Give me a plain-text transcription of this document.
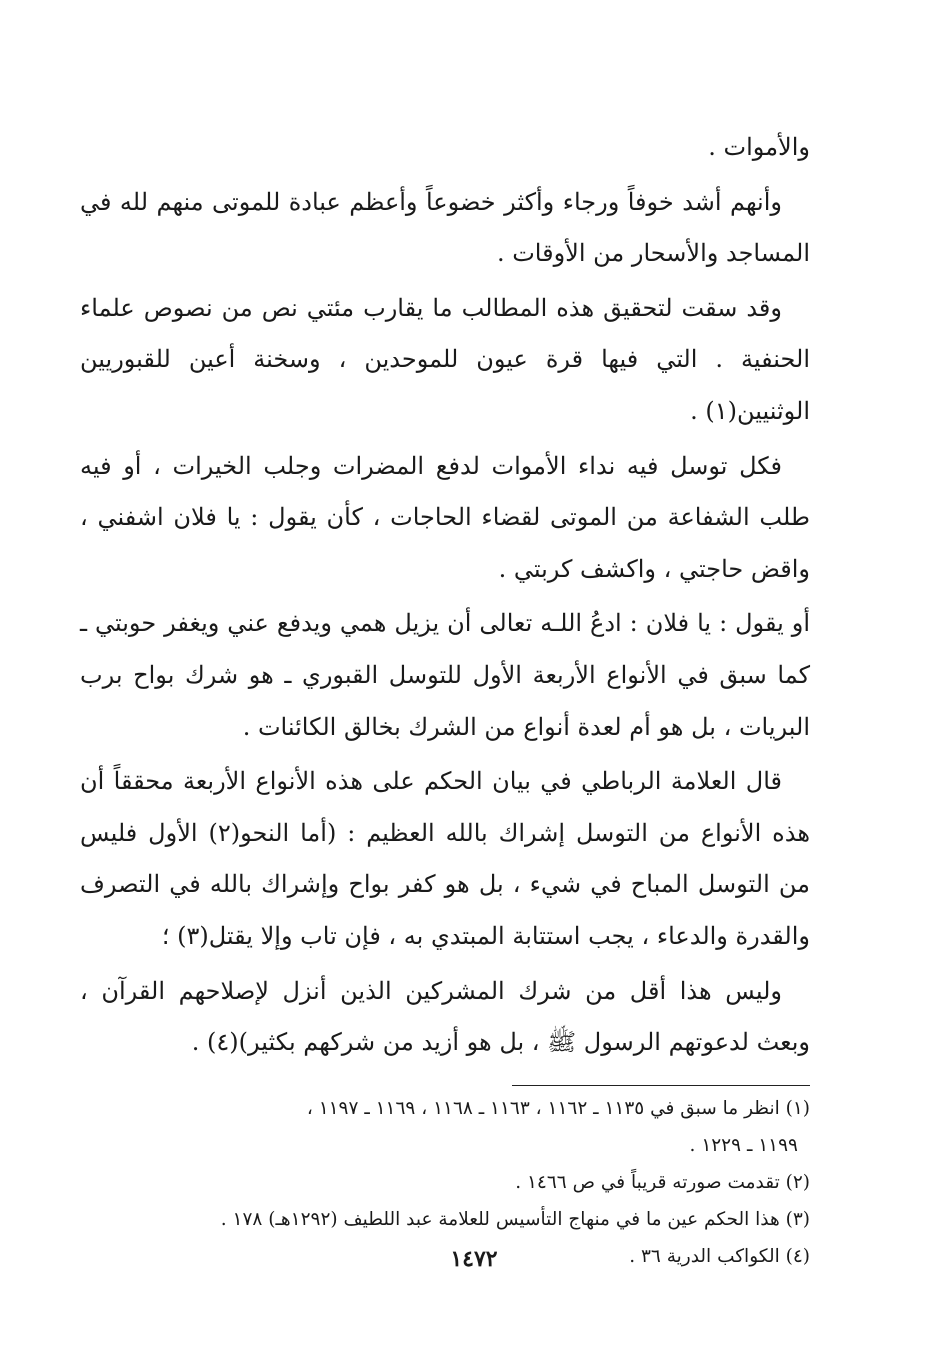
والأموات .

وأنهم أشد خوفاً ورجاء وأكثر خضوعاً وأعظم عبادة للموتى منهم لله في المساجد والأسحار من الأوقات .

وقد سقت لتحقيق هذه المطالب ما يقارب مئتي نص من نصوص علماء الحنفية . التي فيها قرة عيون للموحدين ، وسخنة أعين للقبوريين الوثنيين(١) .

فكل توسل فيه نداء الأموات لدفع المضرات وجلب الخيرات ، أو فيه طلب الشفاعة من الموتى لقضاء الحاجات ، كأن يقول : يا فلان اشفني ، واقض حاجتي ، واكشف كربتي .

أو يقول : يا فلان : ادعُ اللـه تعالى أن يزيل همي ويدفع عني ويغفر حوبتي ـ كما سبق في الأنواع الأربعة الأول للتوسل القبوري ـ هو شرك بواح برب البريات ، بل هو أم لعدة أنواع من الشرك بخالق الكائنات .

قال العلامة الرباطي في بيان الحكم على هذه الأنواع الأربعة محققاً أن هذه الأنواع من التوسل إشراك بالله العظيم : (أما النحو(٢) الأول فليس من التوسل المباح في شيء ، بل هو كفر بواح وإشراك بالله في التصرف والقدرة والدعاء ، يجب استتابة المبتدي به ، فإن تاب وإلا يقتل(٣) ؛

وليس هذا أقل من شرك المشركين الذين أنزل لإصلاحهم القرآن ، وبعث لدعوتهم الرسول ﷺ ، بل هو أزيد من شركهم بكثير)(٤) .

(١) انظر ما سبق في ١١٣٥ ـ ١١٦٢ ، ١١٦٣ ـ ١١٦٨ ، ١١٦٩ ـ ١١٩٧ ،

١١٩٩ ـ ١٢٢٩ .

(٢) تقدمت صورته قريباً في ص ١٤٦٦ .

(٣) هذا الحكم عين ما في منهاج التأسيس للعلامة عبد اللطيف (١٢٩٢هـ) ١٧٨ .

(٤) الكواكب الدرية ٣٦ .

١٤٧٢
